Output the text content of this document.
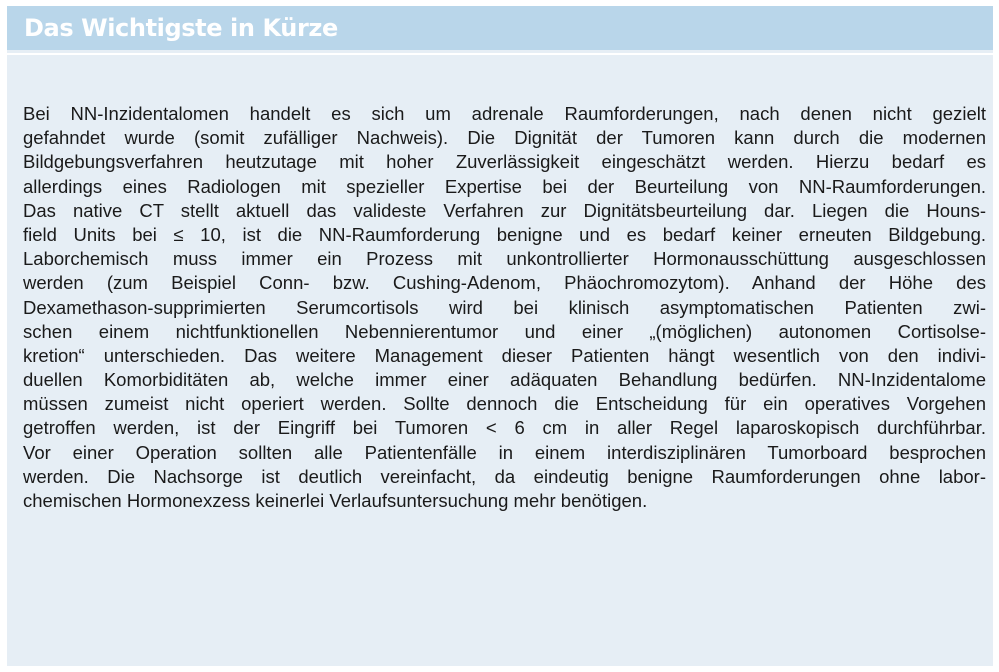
Das Wichtigste in Kürze
Bei NN-Inzidentalomen handelt es sich um adrenale Raumforderungen, nach denen nicht gezielt
gefahndet wurde (somit zufälliger Nachweis). Die Dignität der Tumoren kann durch die modernen
Bildgebungsverfahren heutzutage mit hoher Zuverlässigkeit eingeschätzt werden. Hierzu bedarf es
allerdings eines Radiologen mit spezieller Expertise bei der Beurteilung von NN-Raumforderungen.
Das native CT stellt aktuell das valideste Verfahren zur Dignitätsbeurteilung dar. Liegen die Houns-
field Units bei ≤ 10, ist die NN-Raumforderung benigne und es bedarf keiner erneuten Bildgebung.
Laborchemisch muss immer ein Prozess mit unkontrollierter Hormonausschüttung ausgeschlossen
werden (zum Beispiel Conn- bzw. Cushing-Adenom, Phäochromozytom). Anhand der Höhe des
Dexamethason-supprimierten Serumcortisols wird bei klinisch asymptomatischen Patienten zwi-
schen einem nichtfunktionellen Nebennierentumor und einer „(möglichen) autonomen Cortisolse-
kretion“ unterschieden. Das weitere Management dieser Patienten hängt wesentlich von den indivi-
duellen Komorbiditäten ab, welche immer einer adäquaten Behandlung bedürfen. NN-Inzidentalome
müssen zumeist nicht operiert werden. Sollte dennoch die Entscheidung für ein operatives Vorgehen
getroffen werden, ist der Eingriff bei Tumoren < 6 cm in aller Regel laparoskopisch durchführbar.
Vor einer Operation sollten alle Patientenfälle in einem interdisziplinären Tumorboard besprochen
werden. Die Nachsorge ist deutlich vereinfacht, da eindeutig benigne Raumforderungen ohne labor-
chemischen Hormonexzess keinerlei Verlaufsuntersuchung mehr benötigen.
